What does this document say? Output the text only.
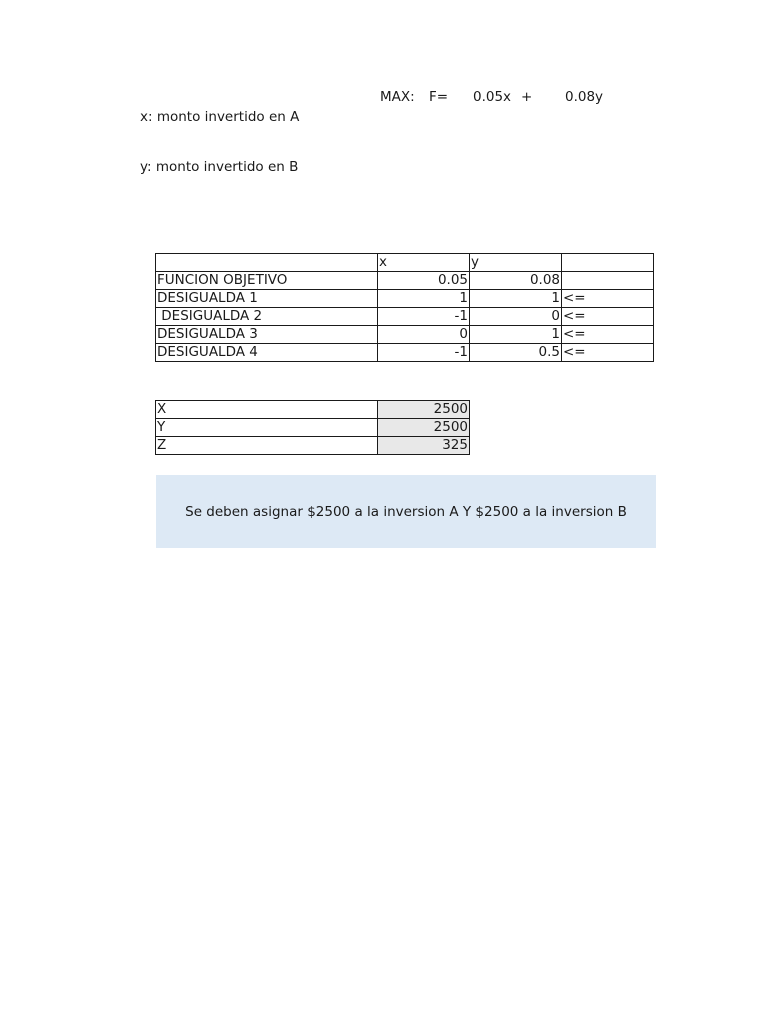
MAX:

F=

0.05x

+

0.08y

x: monto invertido en A
y: monto invertido en B
	x	y	
FUNCION OBJETIVO	0.05	0.08	
DESIGUALDA 1	1	1	<=
DESIGUALDA 2	-1	0	<=
DESIGUALDA 3	0	1	<=
DESIGUALDA 4	-1	0.5	<=
X	2500
Y	2500
Z	325
Se deben asignar $2500 a la inversion A Y $2500 a la inversion B
